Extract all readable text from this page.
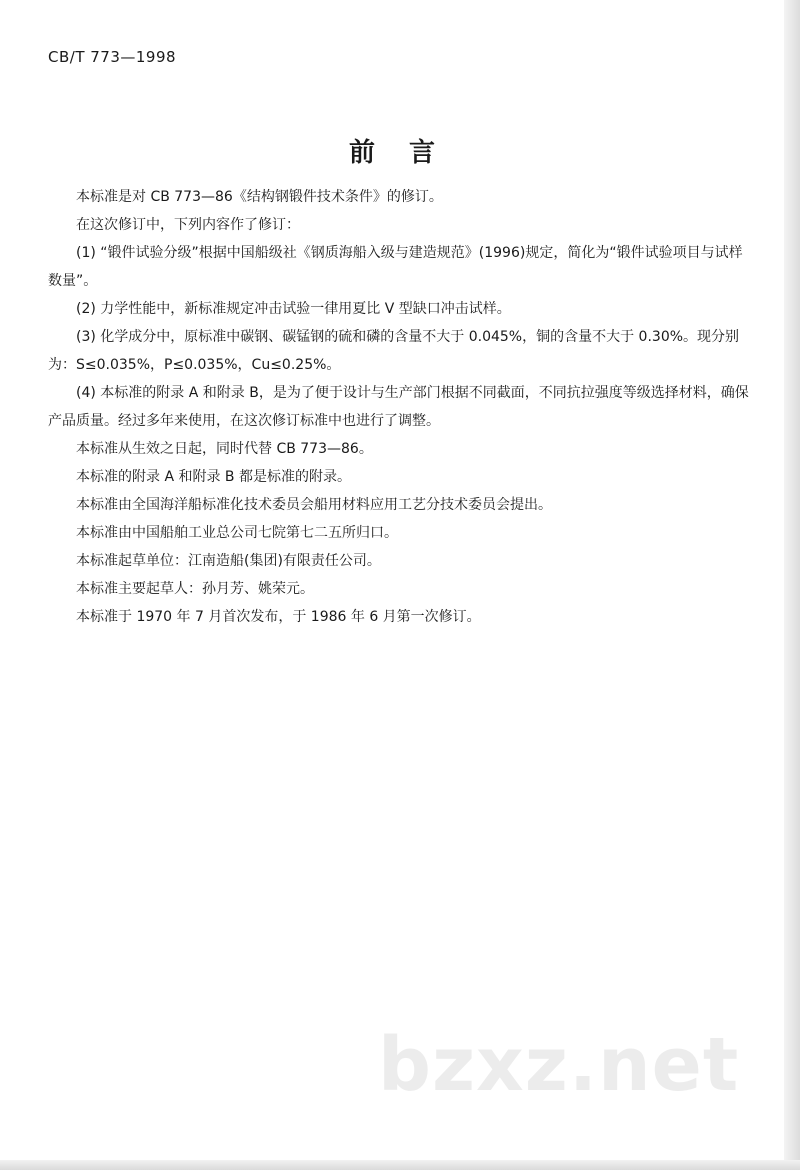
CB/T 773—1998
前言

本标准是对 CB 773—86《结构钢锻件技术条件》的修订。

在这次修订中，下列内容作了修订：

(1) “锻件试验分级”根据中国船级社《钢质海船入级与建造规范》(1996)规定，简化为“锻件试验项目与试样数量”。

(2) 力学性能中，新标准规定冲击试验一律用夏比 V 型缺口冲击试样。

(3) 化学成分中，原标准中碳钢、碳锰钢的硫和磷的含量不大于 0.045%，铜的含量不大于 0.30%。现分别为：S≤0.035%，P≤0.035%，Cu≤0.25%。

(4) 本标准的附录 A 和附录 B，是为了便于设计与生产部门根据不同截面，不同抗拉强度等级选择材料，确保产品质量。经过多年来使用，在这次修订标准中也进行了调整。

本标准从生效之日起，同时代替 CB 773—86。

本标准的附录 A 和附录 B 都是标准的附录。

本标准由全国海洋船标准化技术委员会船用材料应用工艺分技术委员会提出。

本标准由中国船舶工业总公司七院第七二五所归口。

本标准起草单位：江南造船(集团)有限责任公司。

本标准主要起草人：孙月芳、姚荣元。

本标准于 1970 年 7 月首次发布，于 1986 年 6 月第一次修订。

bzxz.net
